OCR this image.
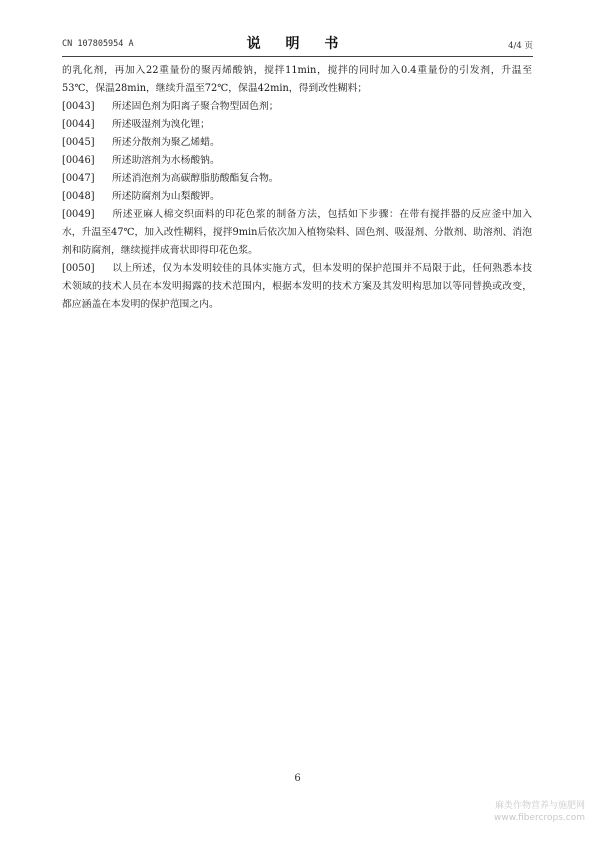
CN 107805954 A	说 明 书	4/4 页

的乳化剂，再加入22重量份的聚丙烯酸钠，搅拌11min，搅拌的同时加入0.4重量份的引发剂，升温至53℃，保温28min，继续升温至72℃，保温42min，得到改性糊料；

[0043] 所述固色剂为阳离子聚合物型固色剂；

[0044] 所述吸湿剂为溴化锂；

[0045] 所述分散剂为聚乙烯蜡。

[0046] 所述助溶剂为水杨酸钠。

[0047] 所述消泡剂为高碳醇脂肪酸酯复合物。

[0048] 所述防腐剂为山梨酸钾。

[0049] 所述亚麻人棉交织面料的印花色浆的制备方法，包括如下步骤：在带有搅拌器的反应釜中加入水，升温至47℃，加入改性糊料，搅拌9min后依次加入植物染料、固色剂、吸湿剂、分散剂、助溶剂、消泡剂和防腐剂，继续搅拌成膏状即得印花色浆。

[0050] 以上所述，仅为本发明较佳的具体实施方式，但本发明的保护范围并不局限于此，任何熟悉本技术领域的技术人员在本发明揭露的技术范围内，根据本发明的技术方案及其发明构思加以等同替换或改变，都应涵盖在本发明的保护范围之内。

6
麻类作物营养与施肥网
www.fibercrops.com
